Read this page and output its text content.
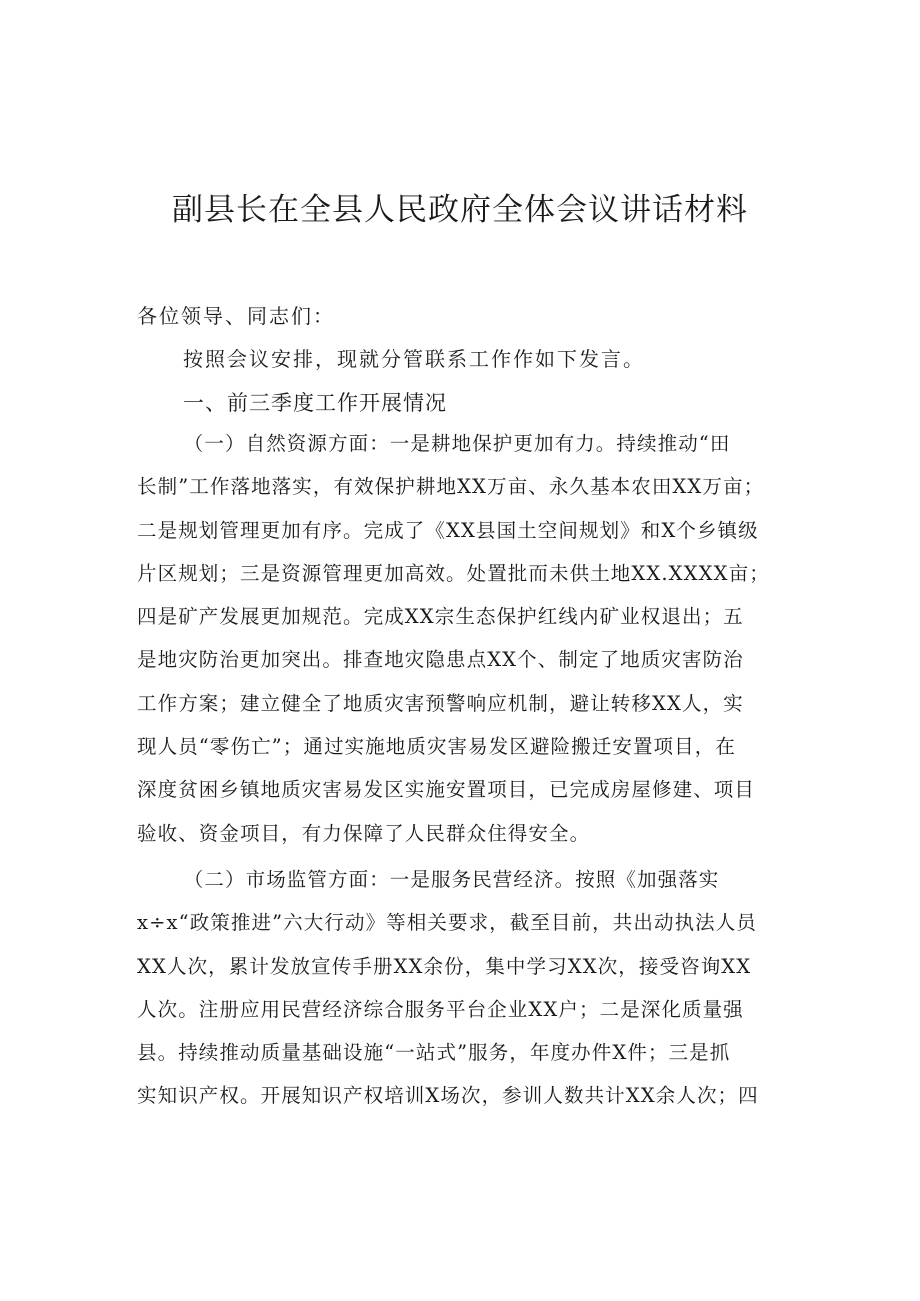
副县长在全县人民政府全体会议讲话材料
各位领导、同志们：
按照会议安排，现就分管联系工作作如下发言。
一、前三季度工作开展情况
（一）自然资源方面：一是耕地保护更加有力。持续推动“田
长制”工作落地落实，有效保护耕地XX万亩、永久基本农田XX万亩；
二是规划管理更加有序。完成了《XX县国土空间规划》和X个乡镇级
片区规划；三是资源管理更加高效。处置批而未供土地XX.XXXX亩；
四是矿产发展更加规范。完成XX宗生态保护红线内矿业权退出；五
是地灾防治更加突出。排查地灾隐患点XX个、制定了地质灾害防治
工作方案；建立健全了地质灾害预警响应机制，避让转移XX人，实
现人员“零伤亡”；通过实施地质灾害易发区避险搬迁安置项目，在
深度贫困乡镇地质灾害易发区实施安置项目，已完成房屋修建、项目
验收、资金项目，有力保障了人民群众住得安全。
（二）市场监管方面：一是服务民营经济。按照《加强落实
x÷x“政策推进”六大行动》等相关要求，截至目前，共出动执法人员
XX人次，累计发放宣传手册XX余份，集中学习XX次，接受咨询XX
人次。注册应用民营经济综合服务平台企业XX户；二是深化质量强
县。持续推动质量基础设施“一站式”服务，年度办件X件；三是抓
实知识产权。开展知识产权培训X场次，参训人数共计XX余人次；四
